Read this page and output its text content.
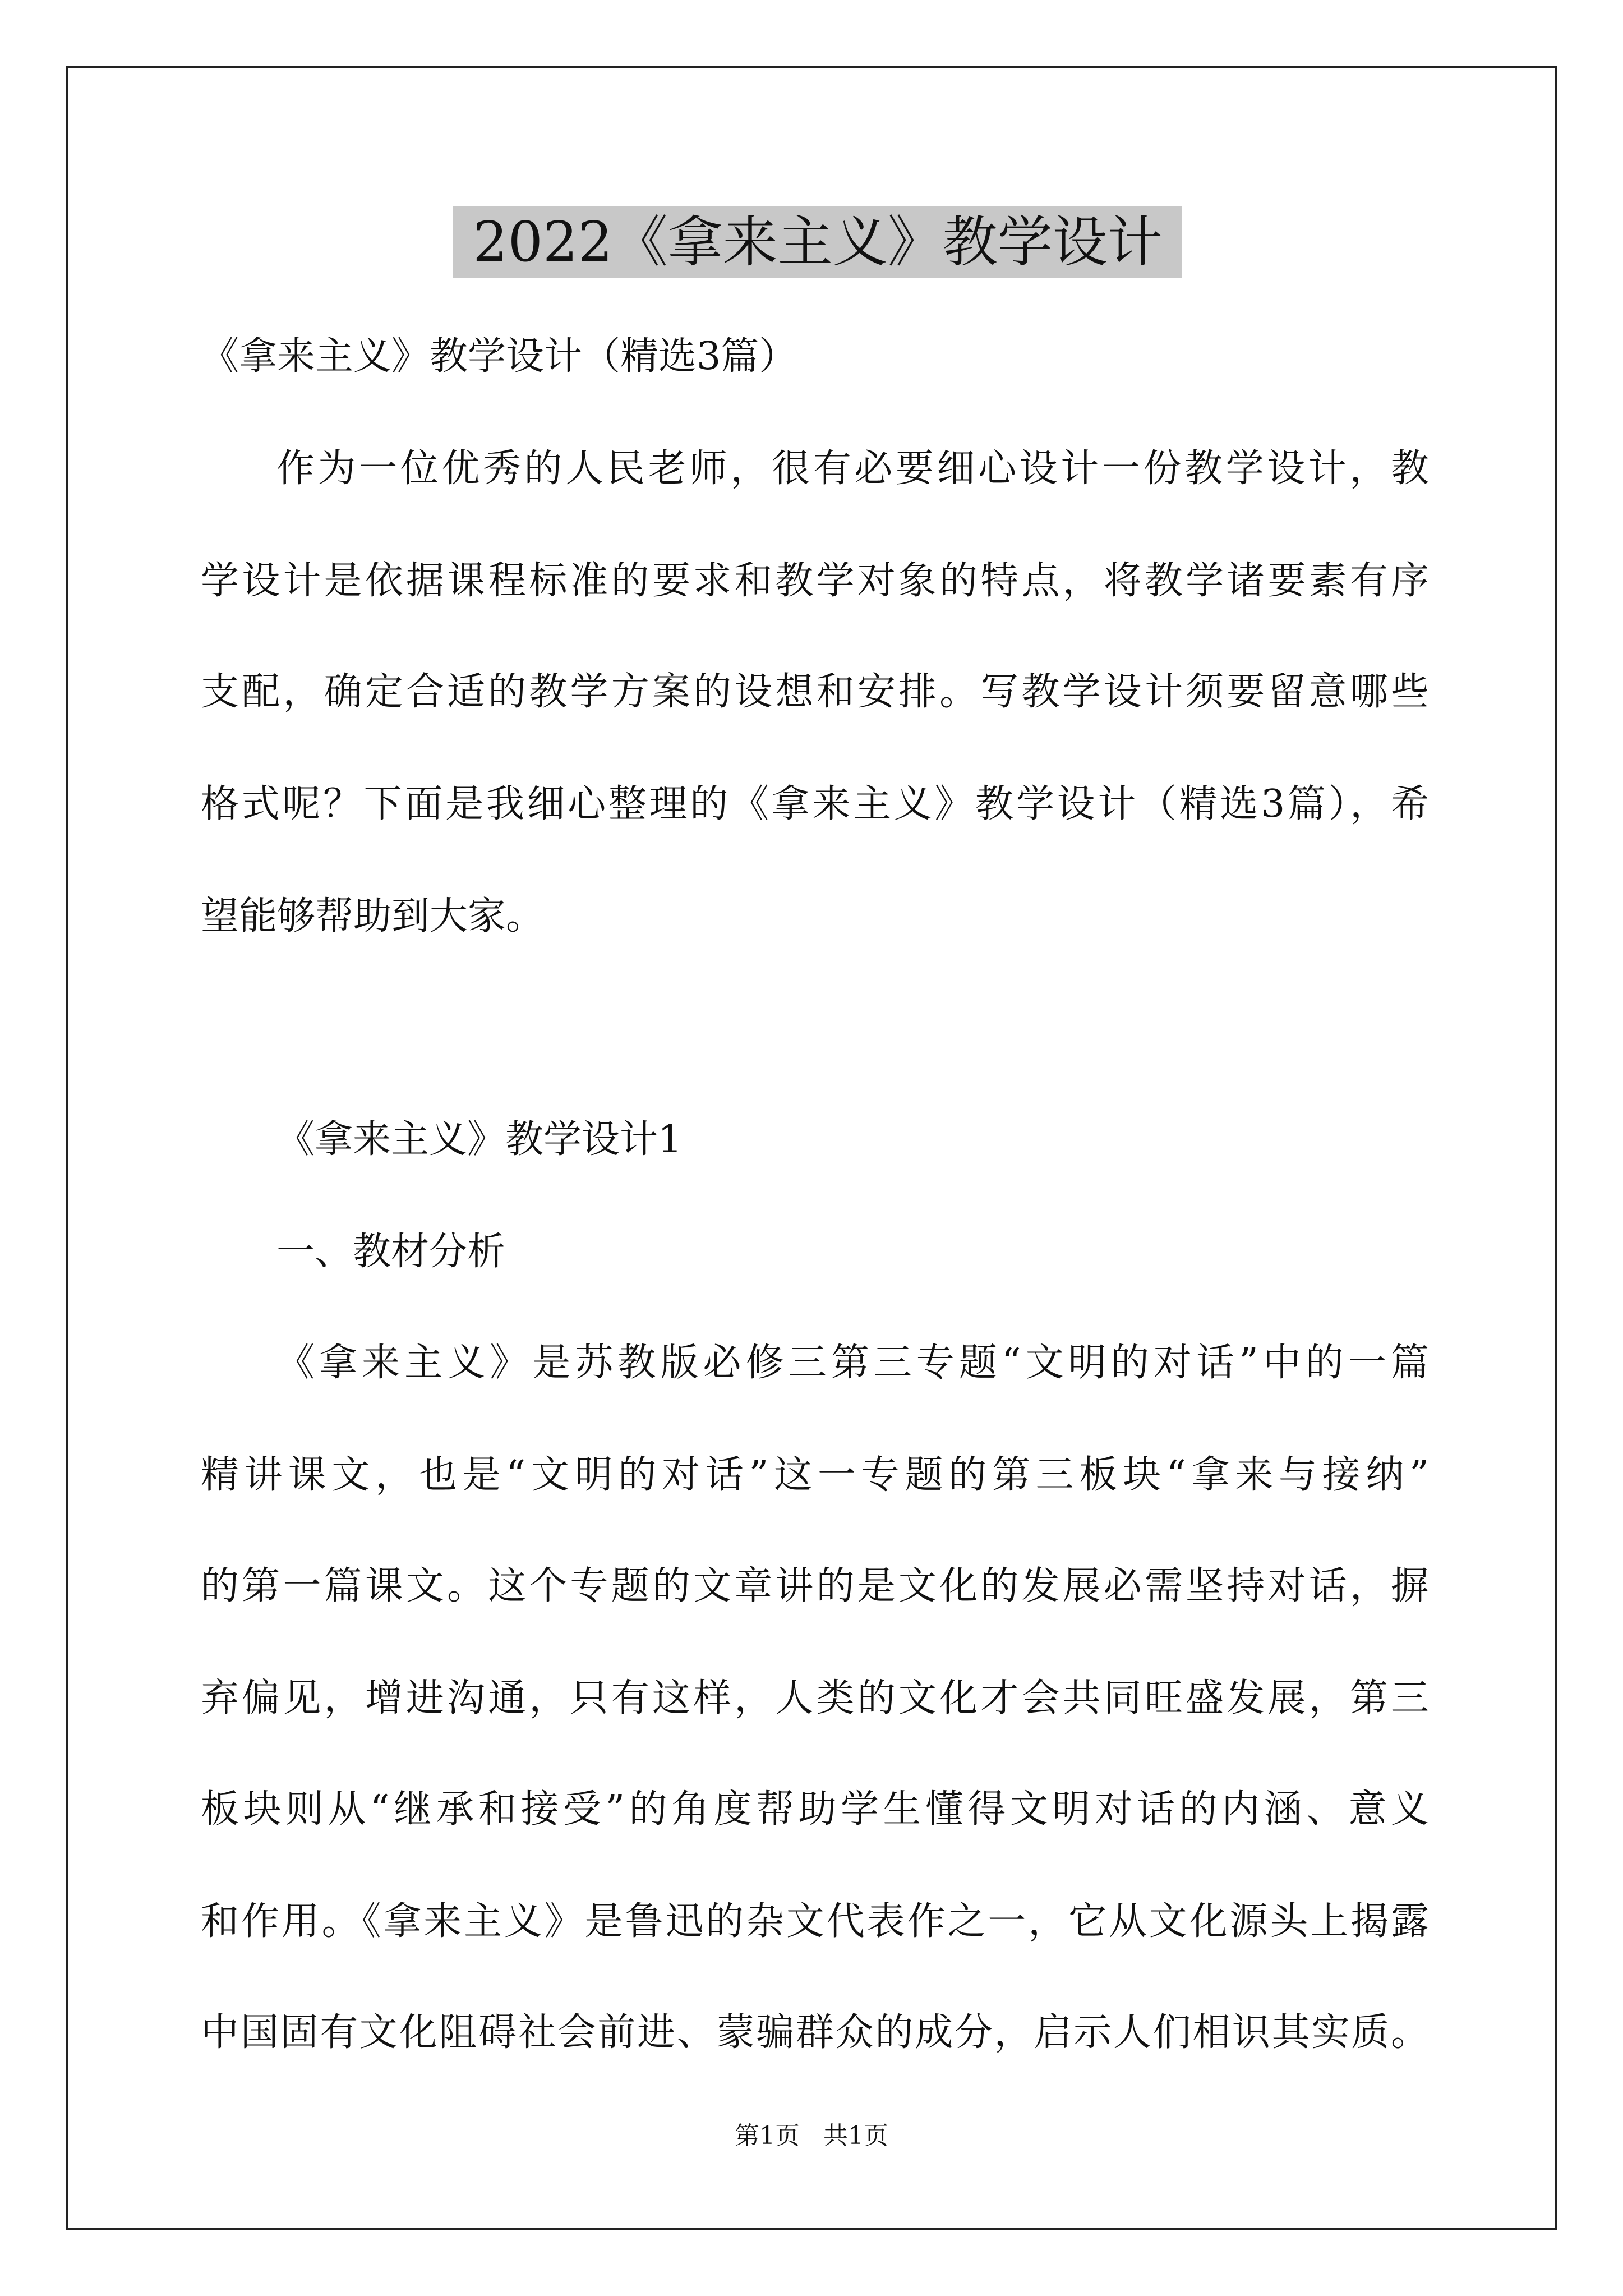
2022《拿来主义》教学设计

《拿来主义》教学设计（精选3篇）

作为一位优秀的人民老师，很有必要细心设计一份教学设计，教

学设计是依据课程标准的要求和教学对象的特点，将教学诸要素有序

支配，确定合适的教学方案的设想和安排。写教学设计须要留意哪些

格式呢？下面是我细心整理的《拿来主义》教学设计（精选3篇），希

望能够帮助到大家。

《拿来主义》教学设计1

一、教材分析

《拿来主义》是苏教版必修三第三专题“文明的对话”中的一篇

精讲课文，也是“文明的对话”这一专题的第三板块“拿来与接纳”

的第一篇课文。这个专题的文章讲的是文化的发展必需坚持对话，摒

弃偏见，增进沟通，只有这样，人类的文化才会共同旺盛发展，第三

板块则从“继承和接受”的角度帮助学生懂得文明对话的内涵、意义

和作用。《拿来主义》是鲁迅的杂文代表作之一，它从文化源头上揭露

中国固有文化阻碍社会前进、蒙骗群众的成分，启示人们相识其实质。

第1页   共1页
